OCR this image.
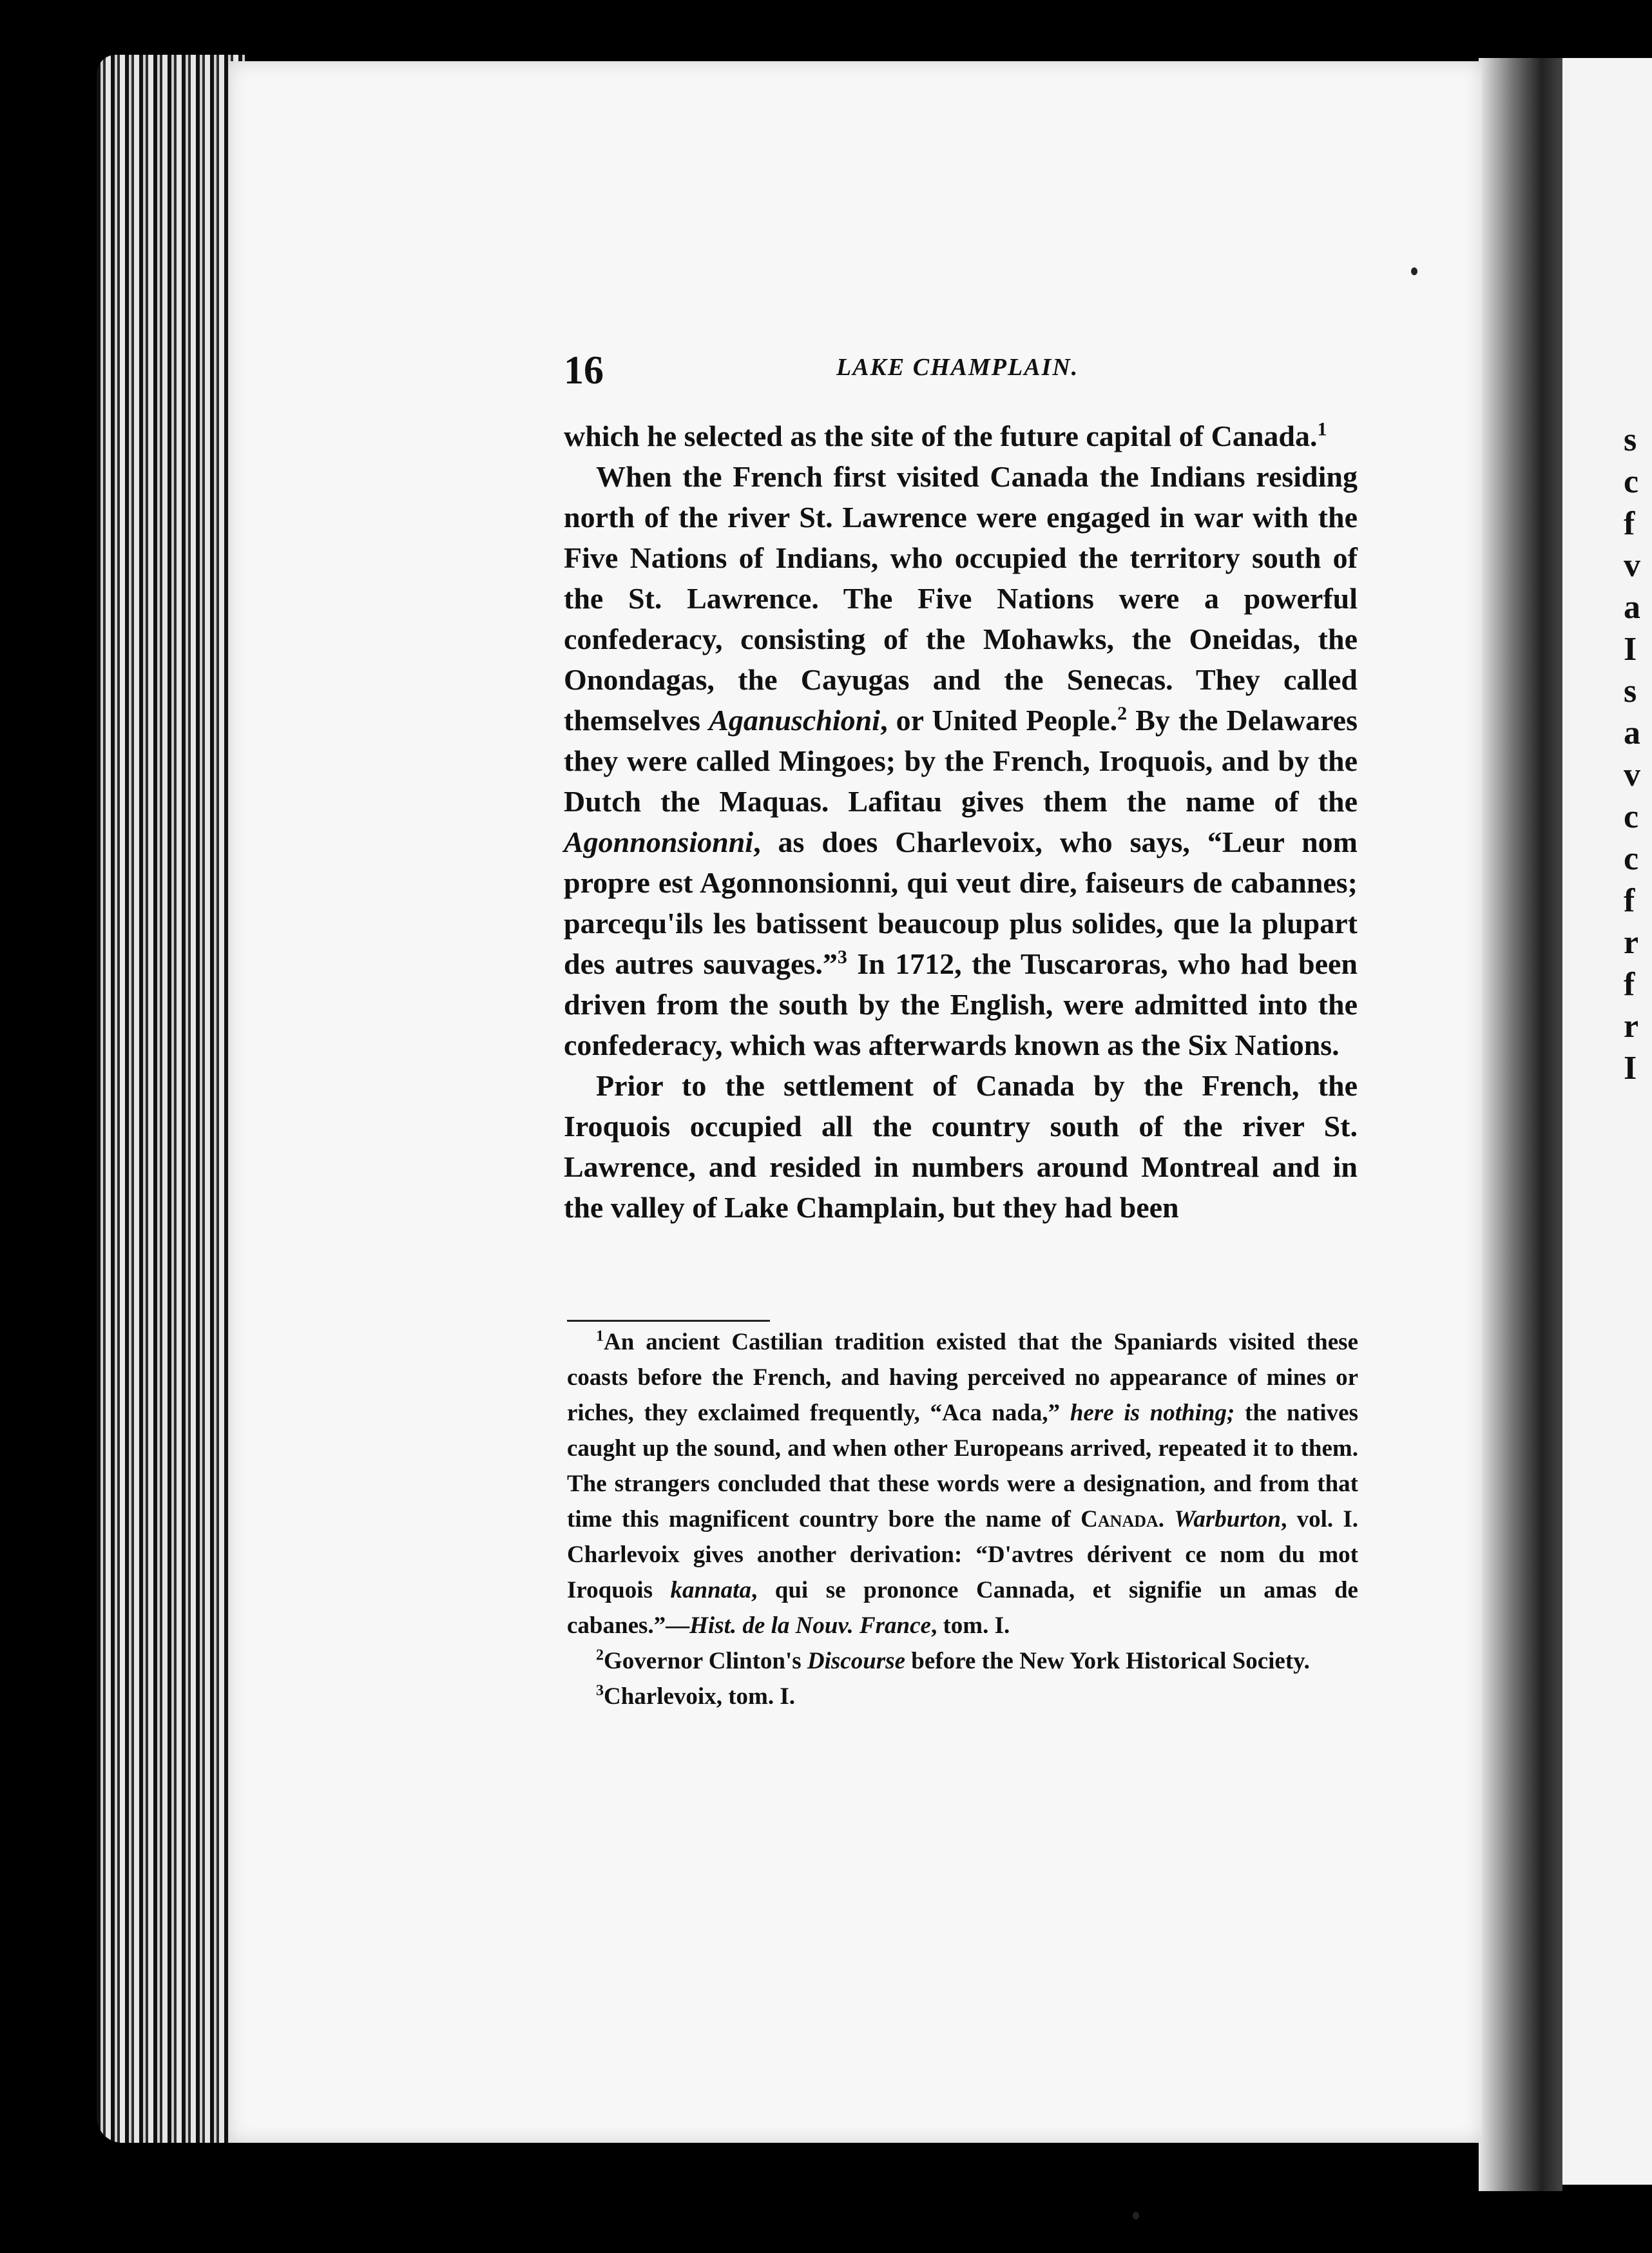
s
c
f
v
a
I
s
a
v
c
c
f
r
f
r
I
16	LAKE CHAMPLAIN.

which he selected as the site of the future capital of Canada.$^1$

When the French first visited Canada the Indians residing north of the river St. Lawrence were engaged in war with the Five Nations of Indians, who occupied the territory south of the St. Lawrence. The Five Nations were a powerful confederacy, consisting of the Mohawks, the Oneidas, the Onondagas, the Cayugas and the Senecas. They called themselves Aganuschioni, or United People.$^2$ By the Delawares they were called Mingoes; by the French, Iroquois, and by the Dutch the Maquas. Lafitau gives them the name of the Agonnonsionni, as does Charlevoix, who says, “Leur nom propre est Agonnonsionni, qui veut dire, faiseurs de cabannes; parcequ'ils les batissent beaucoup plus solides, que la plupart des autres sauvages.”$^3$ In 1712, the Tuscaroras, who had been driven from the south by the English, were admitted into the confederacy, which was afterwards known as the Six Nations.

Prior to the settlement of Canada by the French, the Iroquois occupied all the country south of the river St. Lawrence, and resided in numbers around Montreal and in the valley of Lake Champlain, but they had been

$^1$An ancient Castilian tradition existed that the Spaniards visited these coasts before the French, and having perceived no appearance of mines or riches, they exclaimed frequently, “Aca nada,” here is nothing; the natives caught up the sound, and when other Europeans arrived, repeated it to them. The strangers concluded that these words were a designation, and from that time this magnificent country bore the name of Canada. Warburton, vol. I. Charlevoix gives another derivation: “D'avtres dérivent ce nom du mot Iroquois kannata, qui se prononce Cannada, et signifie un amas de cabanes.”—Hist. de la Nouv. France, tom. I.

$^2$Governor Clinton's Discourse before the New York Historical Society.

$^3$Charlevoix, tom. I.
